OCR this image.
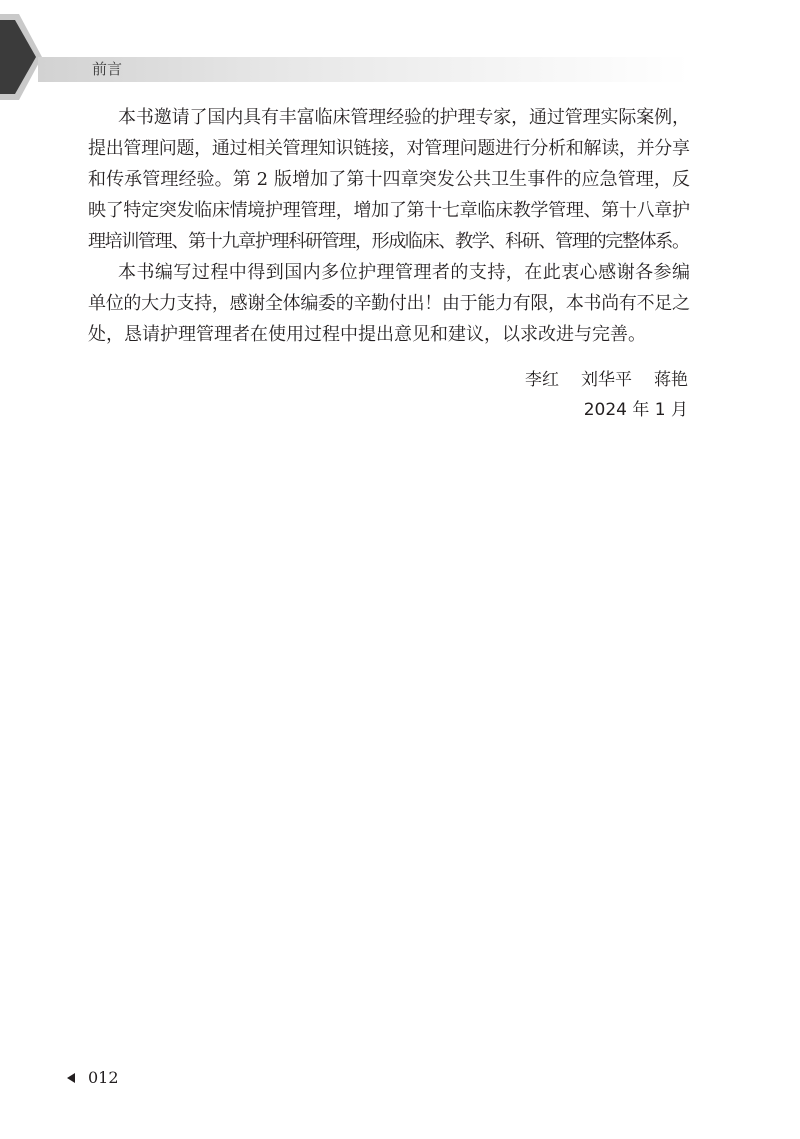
前言
本书邀请了国内具有丰富临床管理经验的护理专家，通过管理实际案例，
提出管理问题，通过相关管理知识链接，对管理问题进行分析和解读，并分享
和传承管理经验。第 2 版增加了第十四章突发公共卫生事件的应急管理，反
映了特定突发临床情境护理管理，增加了第十七章临床教学管理、第十八章护
理培训管理、第十九章护理科研管理，形成临床、教学、科研、管理的完整体系。
本书编写过程中得到国内多位护理管理者的支持，在此衷心感谢各参编
单位的大力支持，感谢全体编委的辛勤付出！由于能力有限，本书尚有不足之
处，恳请护理管理者在使用过程中提出意见和建议，以求改进与完善。
李红 刘华平 蒋艳
2024 年 1 月
012
